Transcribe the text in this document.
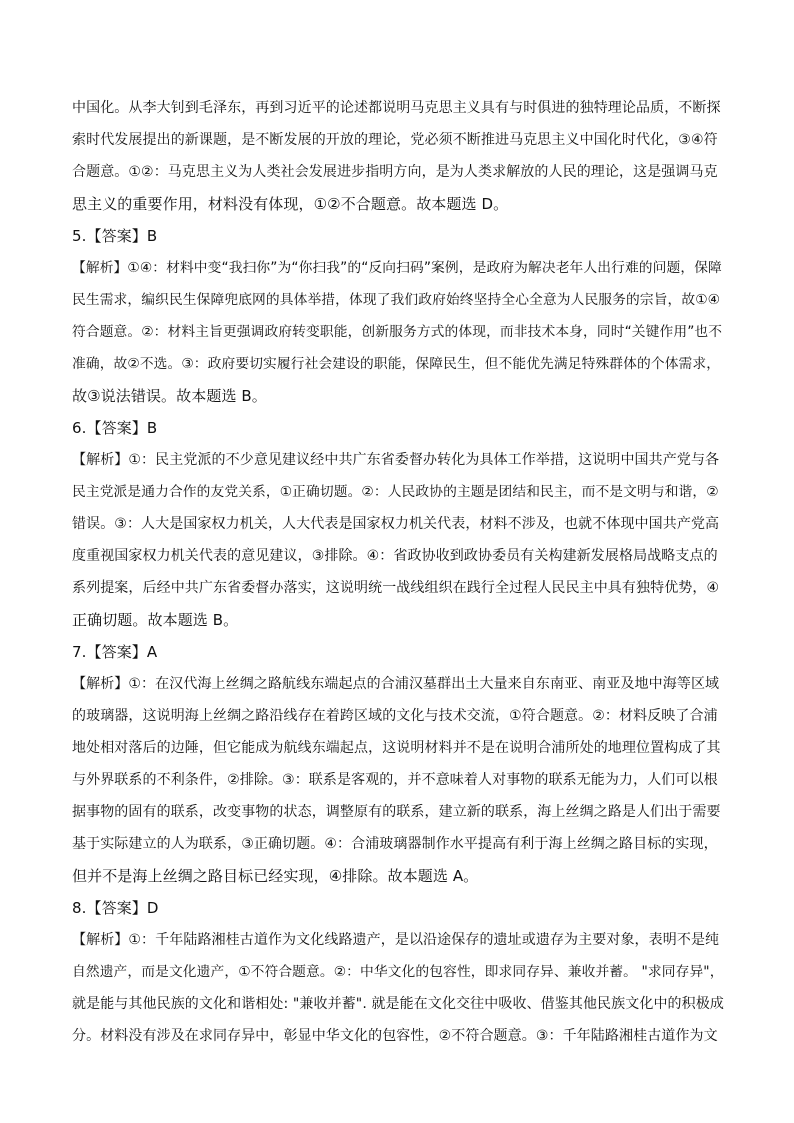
中国化。从李大钊到毛泽东，再到习近平的论述都说明马克思主义具有与时俱进的独特理论品质，不断探
索时代发展提出的新课题，是不断发展的开放的理论，党必须不断推进马克思主义中国化时代化，③④符
合题意。①②：马克思主义为人类社会发展进步指明方向，是为人类求解放的人民的理论，这是强调马克
思主义的重要作用，材料没有体现，①②不合题意。故本题选 D。
5.【答案】B
【解析】①④：材料中变“我扫你”为“你扫我”的“反向扫码”案例，是政府为解决老年人出行难的问题，保障
民生需求，编织民生保障兜底网的具体举措，体现了我们政府始终坚持全心全意为人民服务的宗旨，故①④
符合题意。②：材料主旨更强调政府转变职能，创新服务方式的体现，而非技术本身，同时“关键作用”也不
准确，故②不选。③：政府要切实履行社会建设的职能，保障民生，但不能优先满足特殊群体的个体需求，
故③说法错误。故本题选 B。
6.【答案】B
【解析】①：民主党派的不少意见建议经中共广东省委督办转化为具体工作举措，这说明中国共产党与各
民主党派是通力合作的友党关系，①正确切题。②：人民政协的主题是团结和民主，而不是文明与和谐，②
错误。③：人大是国家权力机关，人大代表是国家权力机关代表，材料不涉及，也就不体现中国共产党高
度重视国家权力机关代表的意见建议，③排除。④：省政协收到政协委员有关构建新发展格局战略支点的
系列提案，后经中共广东省委督办落实，这说明统一战线组织在践行全过程人民民主中具有独特优势，④
正确切题。故本题选 B。
7.【答案】A
【解析】①：在汉代海上丝绸之路航线东端起点的合浦汉墓群出土大量来自东南亚、南亚及地中海等区域
的玻璃器，这说明海上丝绸之路沿线存在着跨区域的文化与技术交流，①符合题意。②：材料反映了合浦
地处相对落后的边陲，但它能成为航线东端起点，这说明材料并不是在说明合浦所处的地理位置构成了其
与外界联系的不利条件，②排除。③：联系是客观的，并不意味着人对事物的联系无能为力，人们可以根
据事物的固有的联系，改变事物的状态，调整原有的联系，建立新的联系，海上丝绸之路是人们出于需要
基于实际建立的人为联系，③正确切题。④：合浦玻璃器制作水平提高有利于海上丝绸之路目标的实现，
但并不是海上丝绸之路目标已经实现，④排除。故本题选 A。
8.【答案】D
【解析】①：千年陆路湘桂古道作为文化线路遗产，是以沿途保存的遗址或遗存为主要对象，表明不是纯
自然遗产，而是文化遗产，①不符合题意。②：中华文化的包容性，即求同存异、兼收并蓄。 "求同存异"，
就是能与其他民族的文化和谐相处: "兼收并蓄". 就是能在文化交往中吸收、借鉴其他民族文化中的积极成
分。材料没有涉及在求同存异中，彰显中华文化的包容性，②不符合题意。③：千年陆路湘桂古道作为文
